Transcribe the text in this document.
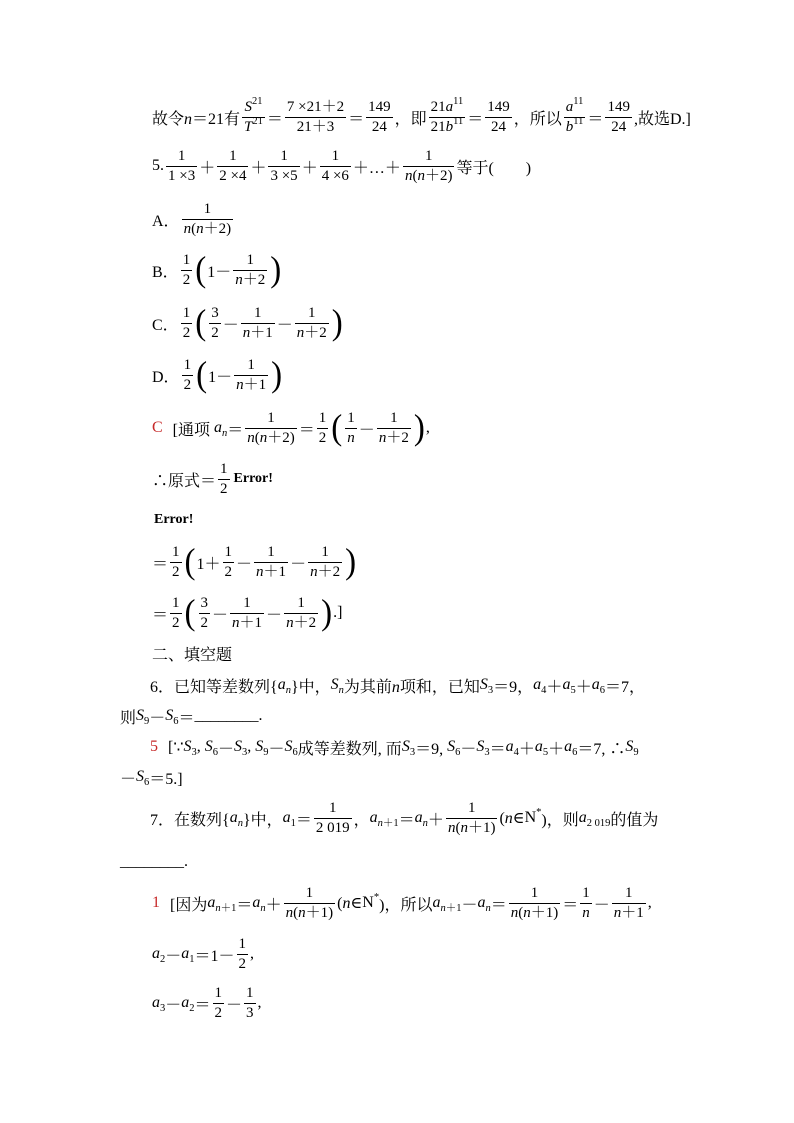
故令n＝21有 $\frac{S^{21}}{T^{21}} = \frac{7 \times 21+2}{21+3} = \frac{149}{24}$ ，即 $\frac{21a^{11}}{21b^{11}} = \frac{149}{24}$ ，所以 $\frac{a^{11}}{b^{11}} = \frac{149}{24}$ ,故选D.]
5. $\frac{1}{1 \times 3} + \frac{1}{2 \times 4} + \frac{1}{3 \times 5} + \frac{1}{4 \times 6}$ ＋…＋ $\frac{1}{n(n+2)}$ 等于(　　)
A． $\frac{1}{n(n+2)}$
B． $\frac{1}{2}$ ( $1- \frac{1}{n+2}$ )
C． $\frac{1}{2}$ ( $\frac{3}{2} - \frac{1}{n+1} - \frac{1}{n+2}$ )
D． $\frac{1}{2}$ ( $1- \frac{1}{n+1}$ )
C [通项 $a_n = \frac{1}{n(n+2)} = \frac{1}{2}$ ( $\frac{1}{n} - \frac{1}{n+2}$ ) ,
∴原式＝ $\frac{1}{2}$ Error!
Error!
＝ $\frac{1}{2}$ ( $1+ \frac{1}{2} - \frac{1}{n+1} - \frac{1}{n+2}$ )
＝ $\frac{1}{2}$ ( $\frac{3}{2} - \frac{1}{n+1} - \frac{1}{n+2}$ ) .]
二、填空题
6．已知等差数列{ $a_n$ }中， $S_n$ 为其前n项和，已知 $S_3 =9$， $a_4 + a_5 + a_6 =7$，
则 $S_9 - S_6$ ＝ ________ .
5 [∵ $S_3$ , $S_6 - S_3$ , $S_9 - S_6$ 成等差数列, 而 $S_3 =9$, $S_6 - S_3 = a_4 + a_5 + a_6 =7$, ∴ $S_9$
－ $S_6 =5$.]
7．在数列{ $a_n$ }中， $a_1 = \frac{1}{2 019}$ ， $a_{n+1} = a_n + \frac{1}{n(n+1)}$ (n∈ N* )，则 $a_{2 019}$ 的值为
________ .
1 [因为 $a_{n+1} = a_n + \frac{1}{n(n+1)}$ (n∈ N* )，所以 $a_{n+1} - a_n = \frac{1}{n(n+1)} = \frac{1}{n} - \frac{1}{n+1}$ ,
$a_2 - a_1 =1- \frac{1}{2}$ ,
$a_3 - a_2 = \frac{1}{2} - \frac{1}{3}$ ,
